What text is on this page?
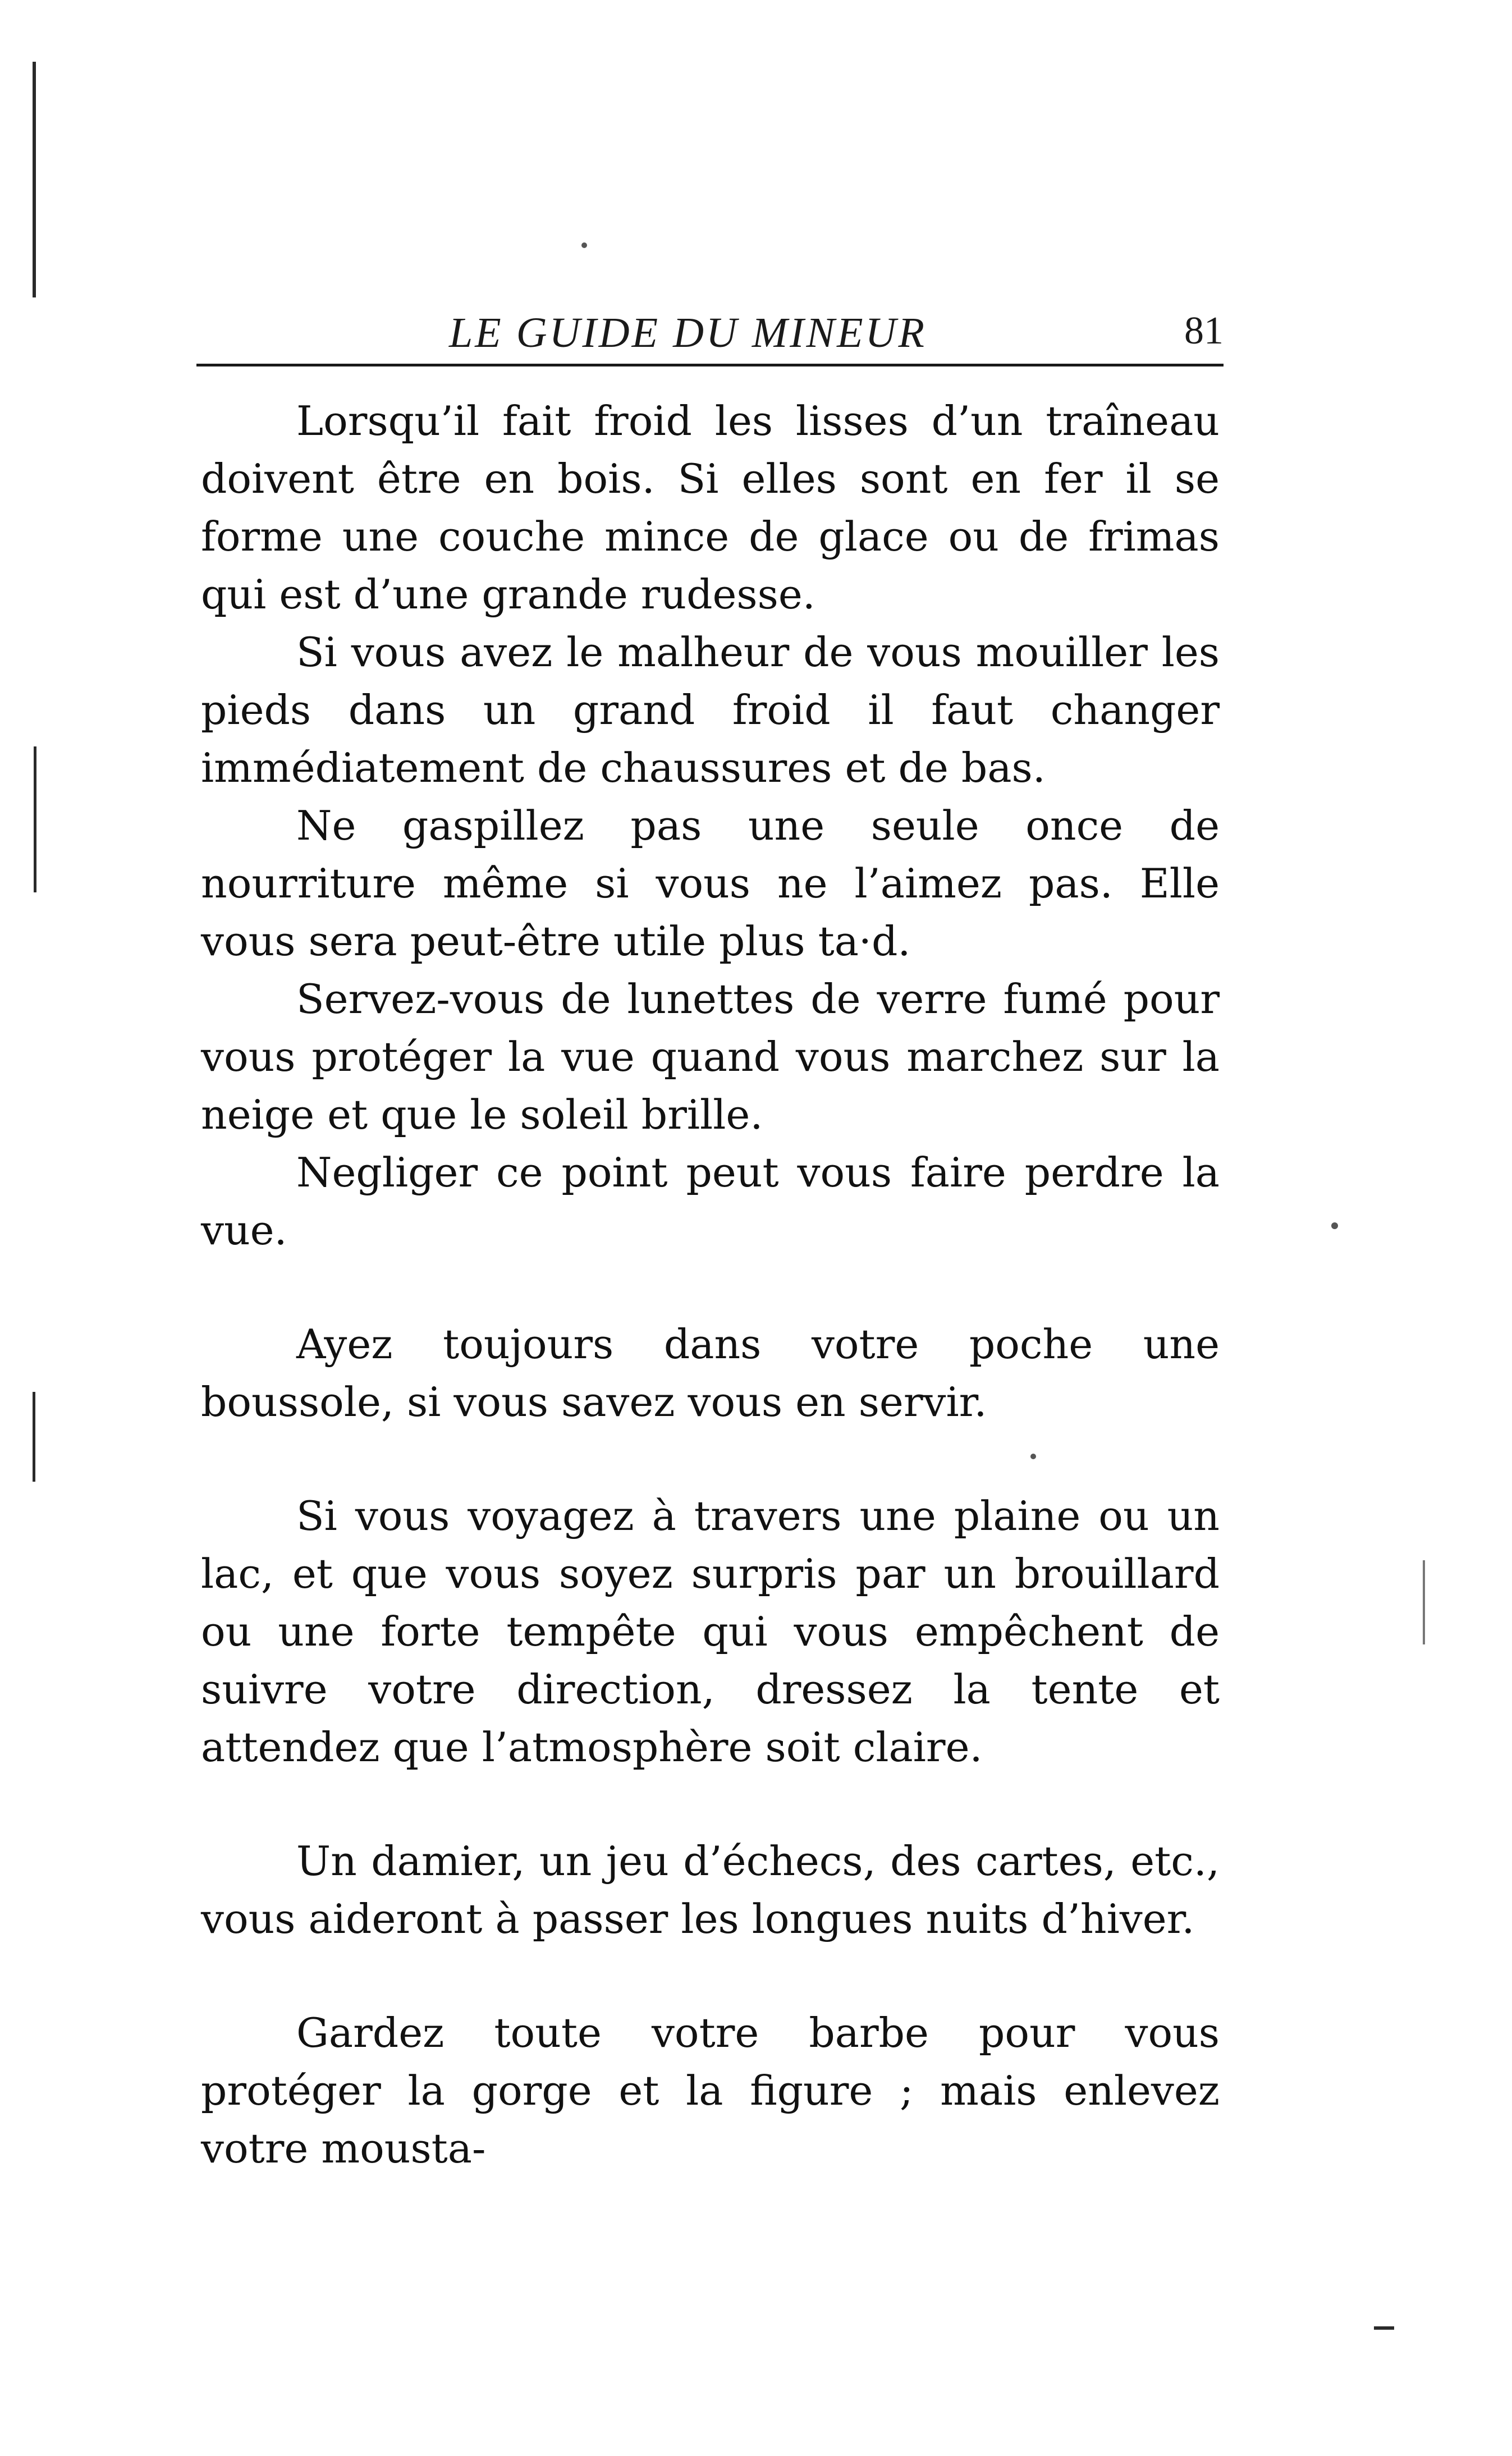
LE GUIDE DU MINEUR	81

Lorsqu’il fait froid les lisses d’un traîneau doivent être en bois. Si elles sont en fer il se forme une couche mince de glace ou de frimas qui est d’une grande rudesse.

Si vous avez le malheur de vous mouiller les pieds dans un grand froid il faut changer immédiatement de chaussures et de bas.

Ne gaspillez pas une seule once de nourriture même si vous ne l’aimez pas. Elle vous sera peut-être utile plus ta·d.

Servez-vous de lunettes de verre fumé pour vous protéger la vue quand vous marchez sur la neige et que le soleil brille.

Negliger ce point peut vous faire perdre la vue.

Ayez toujours dans votre poche une boussole, si vous savez vous en servir.

Si vous voyagez à travers une plaine ou un lac, et que vous soyez surpris par un brouillard ou une forte tempête qui vous empêchent de suivre votre direction, dressez la tente et attendez que l’atmosphère soit claire.

Un damier, un jeu d’échecs, des cartes, etc., vous aideront à passer les longues nuits d’hiver.

Gardez toute votre barbe pour vous protéger la gorge et la figure ; mais enlevez votre mousta-
